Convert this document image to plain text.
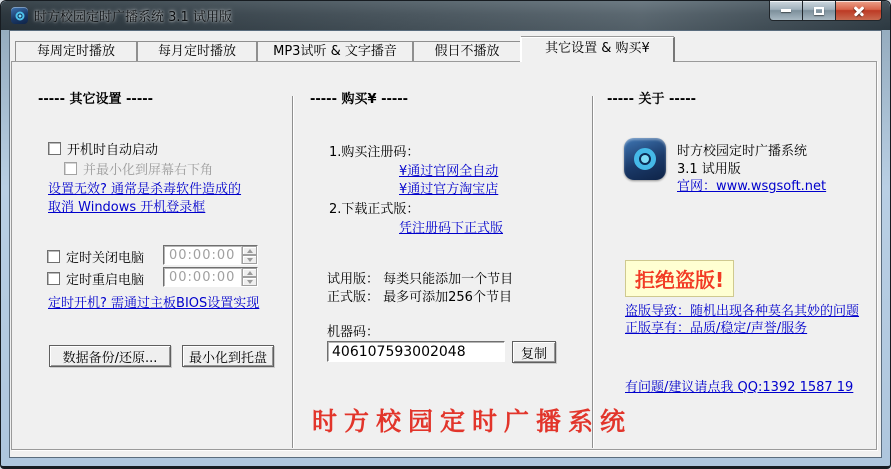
时方校园定时广播系统 3.1 试用版
每周定时播放	每月定时播放	MP3试听 & 文字播音	假日不播放	其它设置 & 购买¥
----- 其它设置 -----
开机时自动启动
并最小化到屏幕右下角
设置无效? 通常是杀毒软件造成的
取消 Windows 开机登录框
定时关闭电脑	00:00:00
定时重启电脑	00:00:00
定时开机? 需通过主板BIOS设置实现
数据备份/还原...	最小化到托盘
----- 购买¥ -----
1.购买注册码：
¥通过官网全自动
¥通过官方淘宝店
2.下载正式版：
凭注册码下正式版
试用版： 每类只能添加一个节目
正式版： 最多可添加256个节目
机器码：
406107593002048
复制
时方校园定时广播系统
----- 关于 -----
时方校园定时广播系统
3.1 试用版
官网：www.wsgsoft.net
拒绝盗版!
盗版导致：随机出现各种莫名其妙的问题
正版享有：品质/稳定/声誉/服务
有问题/建议请点我 QQ:1392 1587 19
